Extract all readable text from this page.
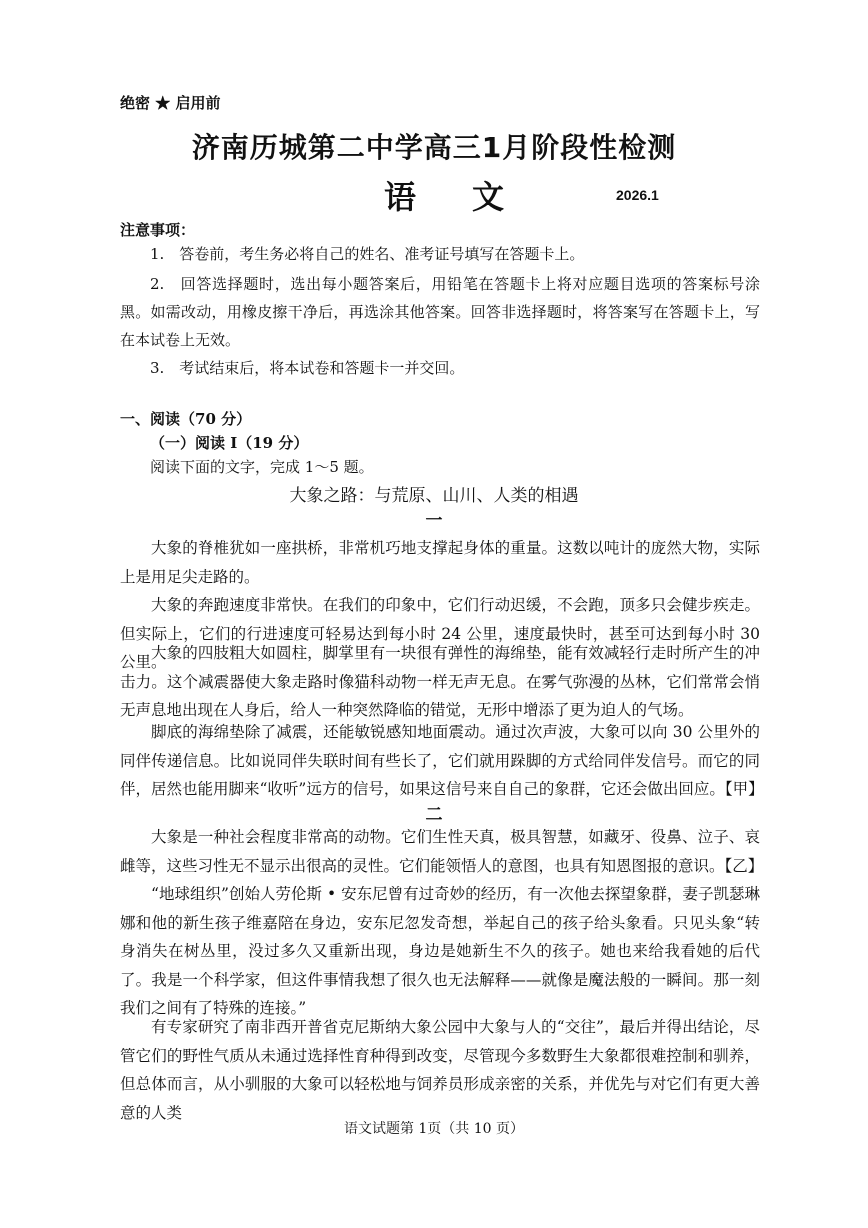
绝密 ★ 启用前
济南历城第二中学高三1月阶段性检测
语文	2026.1
注意事项：
1.　答卷前，考生务必将自己的姓名、准考证号填写在答题卡上。
2.　回答选择题时，选出每小题答案后，用铅笔在答题卡上将对应题目选项的答案标号涂黑。如需改动，用橡皮擦干净后，再选涂其他答案。回答非选择题时，将答案写在答题卡上，写在本试卷上无效。
3.　考试结束后，将本试卷和答题卡一并交回。
一、阅读（70 分）
（一）阅读 I（19 分）
阅读下面的文字，完成 1～5 题。
大象之路：与荒原、山川、人类的相遇
一
大象的脊椎犹如一座拱桥，非常机巧地支撑起身体的重量。这数以吨计的庞然大物，实际上是用足尖走路的。
大象的奔跑速度非常快。在我们的印象中，它们行动迟缓，不会跑，顶多只会健步疾走。但实际上，它们的行进速度可轻易达到每小时 24 公里，速度最快时，甚至可达到每小时 30 公里。
大象的四肢粗大如圆柱，脚掌里有一块很有弹性的海绵垫，能有效减轻行走时所产生的冲击力。这个减震器使大象走路时像猫科动物一样无声无息。在雾气弥漫的丛林，它们常常会悄无声息地出现在人身后，给人一种突然降临的错觉，无形中增添了更为迫人的气场。
脚底的海绵垫除了减震，还能敏锐感知地面震动。通过次声波，大象可以向 30 公里外的同伴传递信息。比如说同伴失联时间有些长了，它们就用跺脚的方式给同伴发信号。而它的同伴，居然也能用脚来“收听”远方的信号，如果这信号来自自己的象群，它还会做出回应。【甲】
二
大象是一种社会程度非常高的动物。它们生性天真，极具智慧，如藏牙、役鼻、泣子、哀雌等，这些习性无不显示出很高的灵性。它们能领悟人的意图，也具有知恩图报的意识。【乙】
“地球组织”创始人劳伦斯 • 安东尼曾有过奇妙的经历，有一次他去探望象群，妻子凯瑟琳娜和他的新生孩子维嘉陪在身边，安东尼忽发奇想，举起自己的孩子给头象看。只见头象“转身消失在树丛里，没过多久又重新出现，身边是她新生不久的孩子。她也来给我看她的后代了。我是一个科学家，但这件事情我想了很久也无法解释——就像是魔法般的一瞬间。那一刻我们之间有了特殊的连接。”
有专家研究了南非西开普省克尼斯纳大象公园中大象与人的“交往”，最后并得出结论，尽管它们的野性气质从未通过选择性育种得到改变，尽管现今多数野生大象都很难控制和驯养，但总体而言，从小驯服的大象可以轻松地与饲养员形成亲密的关系，并优先与对它们有更大善意的人类
语文试题第 1页（共 10 页）
